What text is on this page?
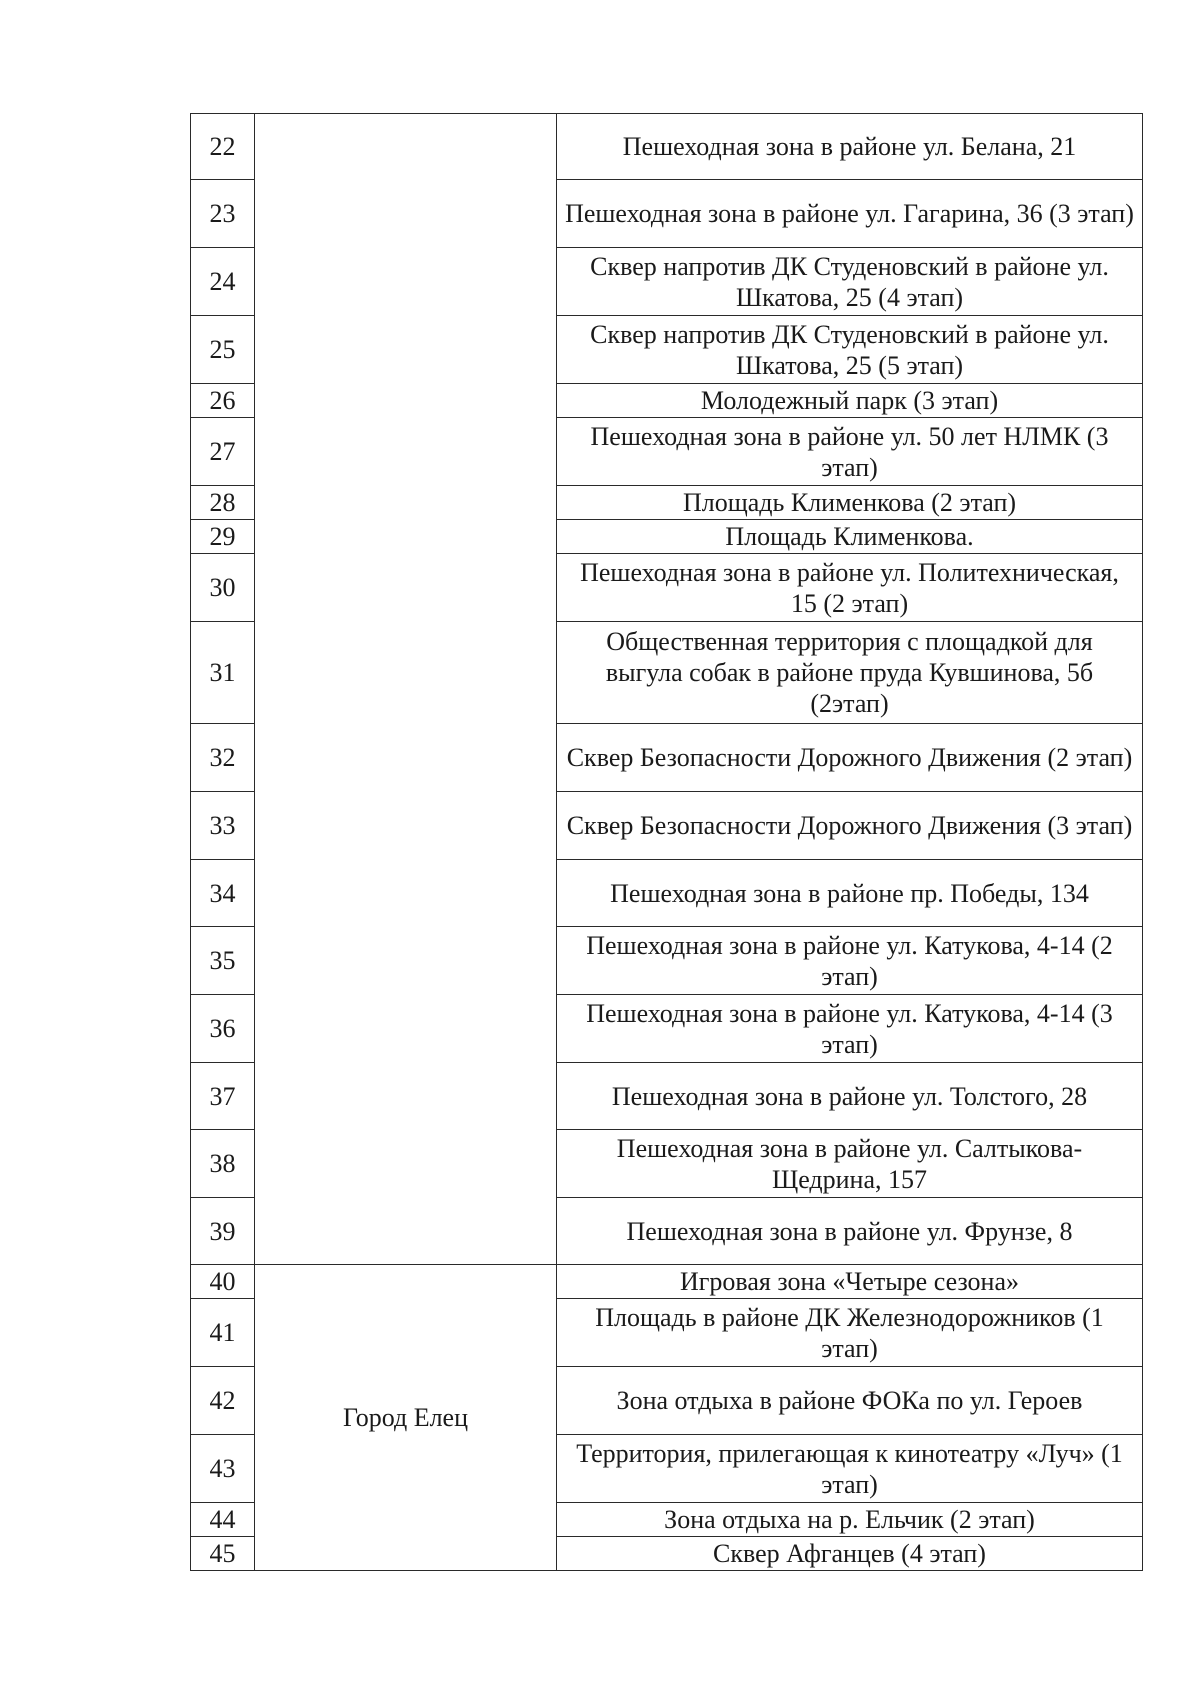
22		Пешеходная зона в районе ул. Белана, 21
23		Пешеходная зона в районе ул. Гагарина, 36 (3 этап)
24		Сквер напротив ДК Студеновский в районе ул. Шкатова, 25 (4 этап)
25		Сквер напротив ДК Студеновский в районе ул. Шкатова, 25 (5 этап)
26		Молодежный парк (3 этап)
27		Пешеходная зона в районе ул. 50 лет НЛМК (3 этап)
28		Площадь Клименкова (2 этап)
29		Площадь Клименкова.
30		Пешеходная зона в районе ул. Политехническая, 15 (2 этап)
31		Общественная территория с площадкой для выгула собак в районе пруда Кувшинова, 5б (2этап)
32		Сквер Безопасности Дорожного Движения (2 этап)
33		Сквер Безопасности Дорожного Движения (3 этап)
34		Пешеходная зона в районе пр. Победы, 134
35		Пешеходная зона в районе ул. Катукова, 4-14 (2 этап)
36		Пешеходная зона в районе ул. Катукова, 4-14 (3 этап)
37		Пешеходная зона в районе ул. Толстого, 28
38		Пешеходная зона в районе ул. Салтыкова-Щедрина, 157
39		Пешеходная зона в районе ул. Фрунзе, 8
40	Город Елец	Игровая зона «Четыре сезона»
41		Площадь в районе ДК Железнодорожников (1 этап)
42		Зона отдыха в районе ФОКа по ул. Героев
43		Территория, прилегающая к кинотеатру «Луч» (1 этап)
44		Зона отдыха на р. Ельчик (2 этап)
45		Сквер Афганцев (4 этап)
